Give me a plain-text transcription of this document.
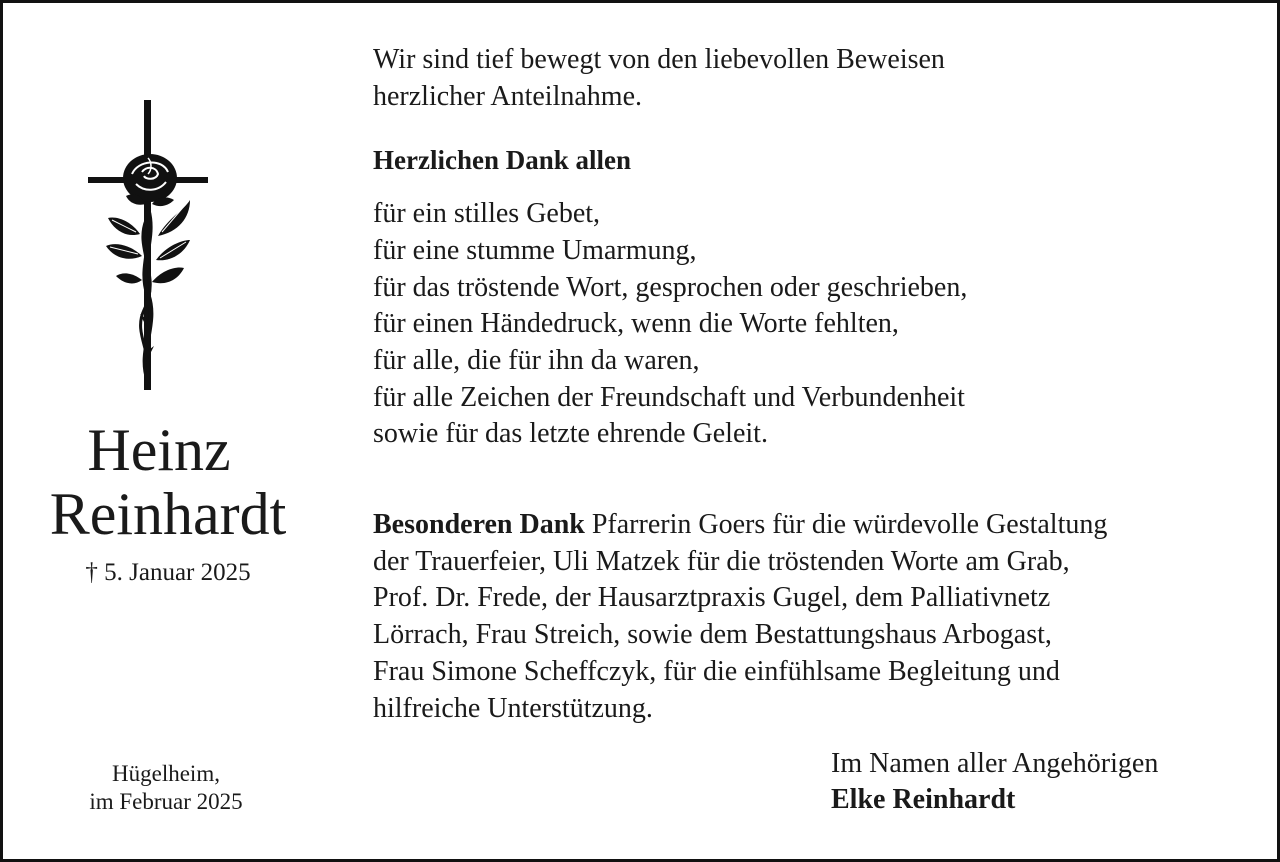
Heinz
Reinhardt
† 5. Januar 2025
Hügelheim,
im Februar 2025

Wir sind tief bewegt von den liebevollen Beweisen
herzlicher Anteilnahme.

Herzlichen Dank allen

für ein stilles Gebet,
für eine stumme Umarmung,
für das tröstende Wort, gesprochen oder geschrieben,
für einen Händedruck, wenn die Worte fehlten,
für alle, die für ihn da waren,
für alle Zeichen der Freundschaft und Verbundenheit
sowie für das letzte ehrende Geleit.

Besonderen Dank Pfarrerin Goers für die würdevolle Gestaltung
der Trauerfeier, Uli Matzek für die tröstenden Worte am Grab,
Prof. Dr. Frede, der Hausarztpraxis Gugel, dem Palliativnetz
Lörrach, Frau Streich, sowie dem Bestattungshaus Arbogast,
Frau Simone Scheffczyk, für die einfühlsame Begleitung und
hilfreiche Unterstützung.

Im Namen aller Angehörigen
Elke Reinhardt
